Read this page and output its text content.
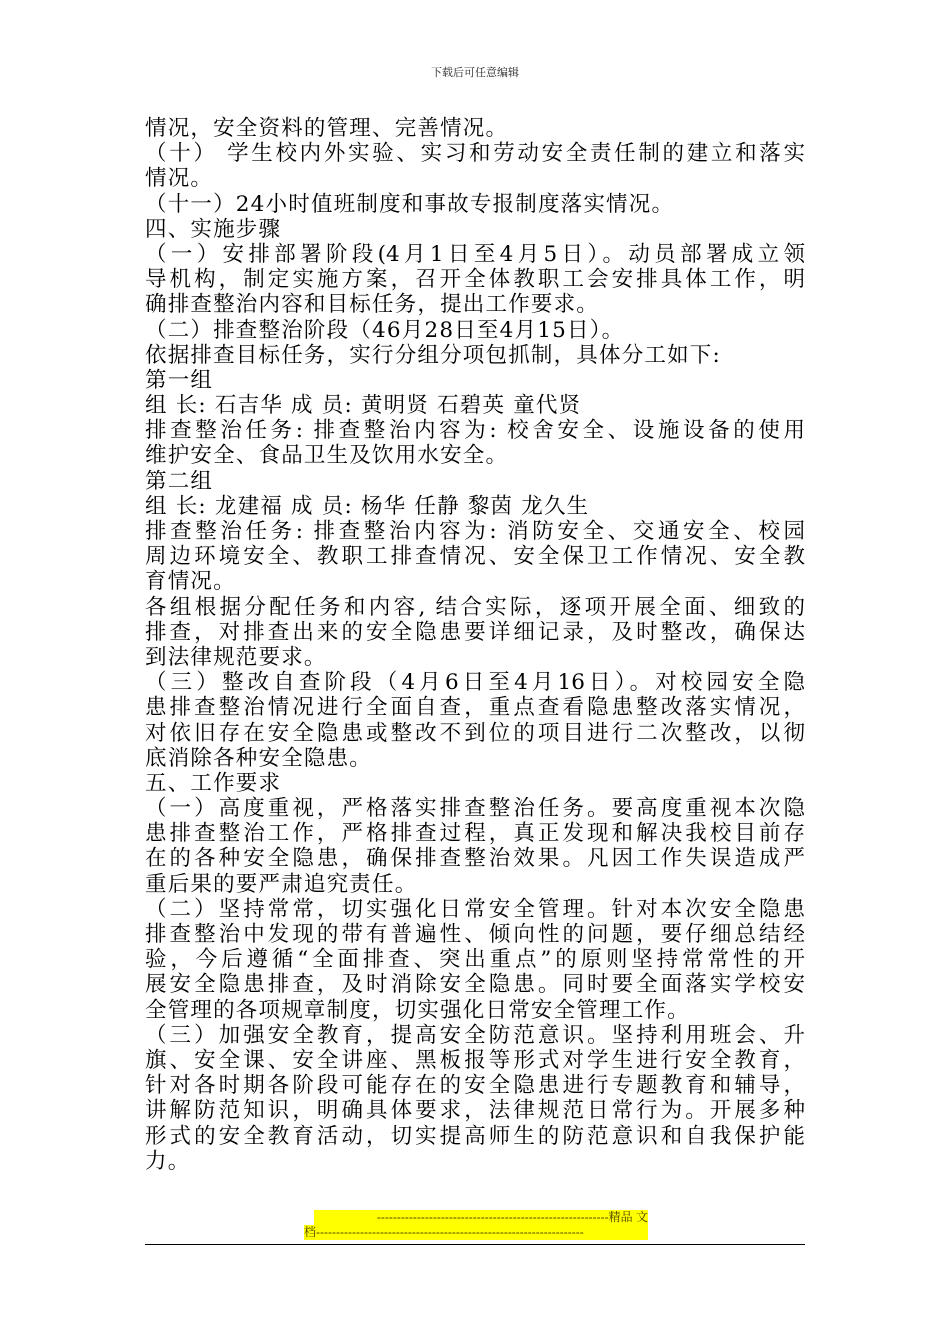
下载后可任意编辑
情况，安全资料的管理、完善情况。
（十） 学生校内外实验、实习和劳动安全责任制的建立和落实
情况。
（十一）24小时值班制度和事故专报制度落实情况。
四、实施步骤
（一）安排部署阶段(4月1日至4月5日）。动员部署成立领
导机构，制定实施方案，召开全体教职工会安排具体工作，明
确排查整治内容和目标任务，提出工作要求。
（二）排查整治阶段（46月28日至4月15日）。
依据排查目标任务，实行分组分项包抓制，具体分工如下:
第一组
组 长: 石吉华 成 员: 黄明贤 石碧英 童代贤
排查整治任务: 排查整治内容为: 校舍安全、设施设备的使用
维护安全、食品卫生及饮用水安全。
第二组
组 长: 龙建福 成 员: 杨华 任静 黎茵 龙久生
排查整治任务: 排查整治内容为: 消防安全、交通安全、校园
周边环境安全、教职工排查情况、安全保卫工作情况、安全教
育情况。
各组根据分配任务和内容, 结合实际，逐项开展全面、细致的
排查，对排查出来的安全隐患要详细记录，及时整改，确保达
到法律规范要求。
（三）整改自查阶段（4月6日至4月16日）。对校园安全隐
患排查整治情况进行全面自查，重点查看隐患整改落实情况，
对依旧存在安全隐患或整改不到位的项目进行二次整改，以彻
底消除各种安全隐患。
五、工作要求
（一）高度重视，严格落实排查整治任务。要高度重视本次隐
患排查整治工作，严格排查过程，真正发现和解决我校目前存
在的各种安全隐患，确保排查整治效果。凡因工作失误造成严
重后果的要严肃追究责任。
（二）坚持常常，切实强化日常安全管理。针对本次安全隐患
排查整治中发现的带有普遍性、倾向性的问题，要仔细总结经
验，今后遵循“全面排查、突出重点”的原则坚持常常性的开
展安全隐患排查，及时消除安全隐患。同时要全面落实学校安
全管理的各项规章制度，切实强化日常安全管理工作。
（三）加强安全教育，提高安全防范意识。坚持利用班会、升
旗、安全课、安全讲座、黑板报等形式对学生进行安全教育，
针对各时期各阶段可能存在的安全隐患进行专题教育和辅导，
讲解防范知识，明确具体要求，法律规范日常行为。开展多种
形式的安全教育活动，切实提高师生的防范意识和自我保护能
力。
----------------------------------------------------------精品 文
档-------------------------------------------------------------------
